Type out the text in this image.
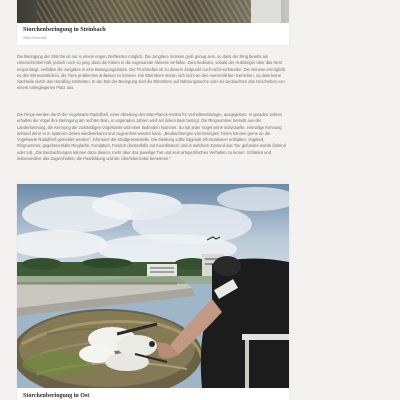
Storchenberingung in Steinbach
Silke Hörschelt

Die Beringung der Störche ist nur in einem engen Zeitfenster möglich. Die Jungtiere müssen groß genug sein, so dass der Ring bereits am Unterschenkel hält, jedoch noch so jung, dass die Küken in die sogenannte Akinese verfallen. Dies bedeutet, sobald der Hubsteiger über das Nest emporsteigt, verfallen die Jungtiere in eine Bewegungsstarre. Der Fluchtreflex ist zu diesem Zeitpunkt noch nicht vorhanden. Die Akinese ermöglicht es den Ehrenamtlichen, die Tiere problemlos anfassen zu können. Die Elterntiere stören sich nicht an den menschlichen Gerüchen, so dass keine Nachteile durch das Handling entstehen. In der Zeit der Beringung sind die Elterntiere auf Nahrungssuche oder sie beobachten das Geschehen von einem naheglegenen Platz aus.

Die Ringe werden durch die Vogelwarte Radolfzell, einer Abteilung des Max-Planck-Institut für Verhaltensbiologie, ausgegeben. In geraden Jahren erhalten die Vögel ihre Beringung am rechten Bein, in ungeraden Jahren wird am linken Bein beringt. Die Ringnummer besteht aus der Länderkennung, die Kennung der zuständigen Vogelwarte und einer laufenden Nummer. So hat jeder Vogel seine individuelle, einmalige Kennung anhand derer er in späteren Zeiten wiedererkannt und zugeordnet werden kann. „Beobachtungen von beringten Tieren können gerne an die Vogelwarte Radolfzell gemeldet werden", informiert die Stadtpressestelle. Die Meldung sollte folgende Informationen enthalten: Vogelart, Ringnummer, gegebenenfalls Ringfarbe, Fundatum, Fundort (bestenfalls mit Koordinaten) und in welchem Zustand das Tier gefunden wurde (lebend oder tot). „Die Beobachtungen können dazu dienen, mehr über das jeweilige Tier und sein artspezifisches Verhalten zu lernen. Schäden und insbesondere das Zugverhalten, die Paarbildung und die Überlebensrate benennen."

Storchenberingung in Ost
